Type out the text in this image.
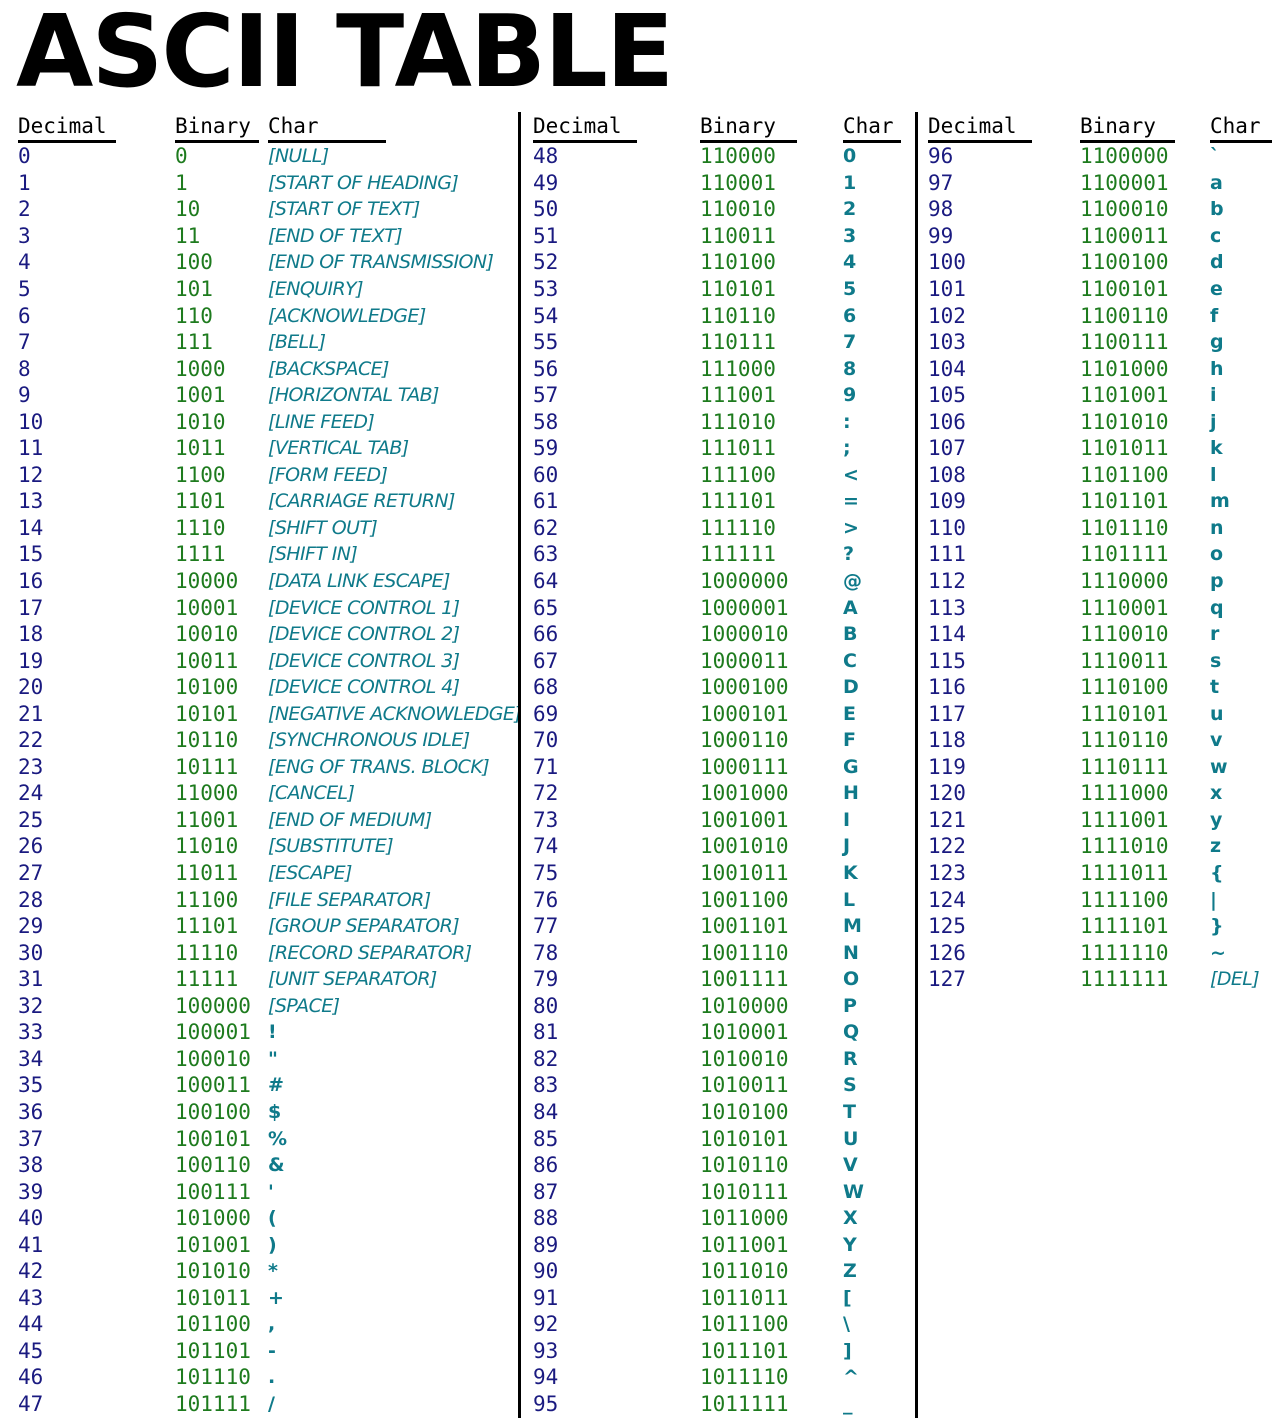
ASCII TABLE
Decimal	Binary Char
0	0	[NULL]
1	1	[START OF HEADING]
2	10	[START OF TEXT]
3	11	[END OF TEXT]
4	100	[END OF TRANSMISSION]
5	101	[ENQUIRY]
6	110	[ACKNOWLEDGE]
7	111	[BELL]
8	1000	[BACKSPACE]
9	1001	[HORIZONTAL TAB]
10	1010	[LINE FEED]
11	1011	[VERTICAL TAB]
12	1100	[FORM FEED]
13	1101	[CARRIAGE RETURN]
14	1110	[SHIFT OUT]
15	1111	[SHIFT IN]
16	10000	[DATA LINK ESCAPE]
17	10001	[DEVICE CONTROL 1]
18	10010	[DEVICE CONTROL 2]
19	10011	[DEVICE CONTROL 3]
20	10100	[DEVICE CONTROL 4]
21	10101	[NEGATIVE ACKNOWLEDGE]
22	10110	[SYNCHRONOUS IDLE]
23	10111	[ENG OF TRANS. BLOCK]
24	11000	[CANCEL]
25	11001	[END OF MEDIUM]
26	11010	[SUBSTITUTE]
27	11011	[ESCAPE]
28	11100	[FILE SEPARATOR]
29	11101	[GROUP SEPARATOR]
30	11110	[RECORD SEPARATOR]
31	11111	[UNIT SEPARATOR]
32	100000 [SPACE]
33	100001 !
34	100010 "
35	100011 #
36	100100 $
37	100101 %
38	100110 &
39	100111 '
40	101000 (
41	101001 )
42	101010 *
43	101011 +
44	101100 ,
45	101101 -
46	101110 .
47	101111 /
Decimal	Binary	Char
48	110000	0
49	110001	1
50	110010	2
51	110011	3
52	110100	4
53	110101	5
54	110110	6
55	110111	7
56	111000	8
57	111001	9
58	111010	:
59	111011	;
60	111100	<
61	111101	=
62	111110	>
63	111111	?
64	1000000	@
65	1000001	A
66	1000010	B
67	1000011	C
68	1000100	D
69	1000101	E
70	1000110	F
71	1000111	G
72	1001000	H
73	1001001	I
74	1001010	J
75	1001011	K
76	1001100	L
77	1001101	M
78	1001110	N
79	1001111	O
80	1010000	P
81	1010001	Q
82	1010010	R
83	1010011	S
84	1010100	T
85	1010101	U
86	1010110	V
87	1010111	W
88	1011000	X
89	1011001	Y
90	1011010	Z
91	1011011	[
92	1011100	\
93	1011101	]
94	1011110	^
95	1011111	_
Decimal	Binary	Char
96	1100000	`
97	1100001	a
98	1100010	b
99	1100011	c
100	1100100	d
101	1100101	e
102	1100110	f
103	1100111	g
104	1101000	h
105	1101001	i
106	1101010	j
107	1101011	k
108	1101100	l
109	1101101	m
110	1101110	n
111	1101111	o
112	1110000	p
113	1110001	q
114	1110010	r
115	1110011	s
116	1110100	t
117	1110101	u
118	1110110	v
119	1110111	w
120	1111000	x
121	1111001	y
122	1111010	z
123	1111011	{
124	1111100	|
125	1111101	}
126	1111110	~
127	1111111	[DEL]
